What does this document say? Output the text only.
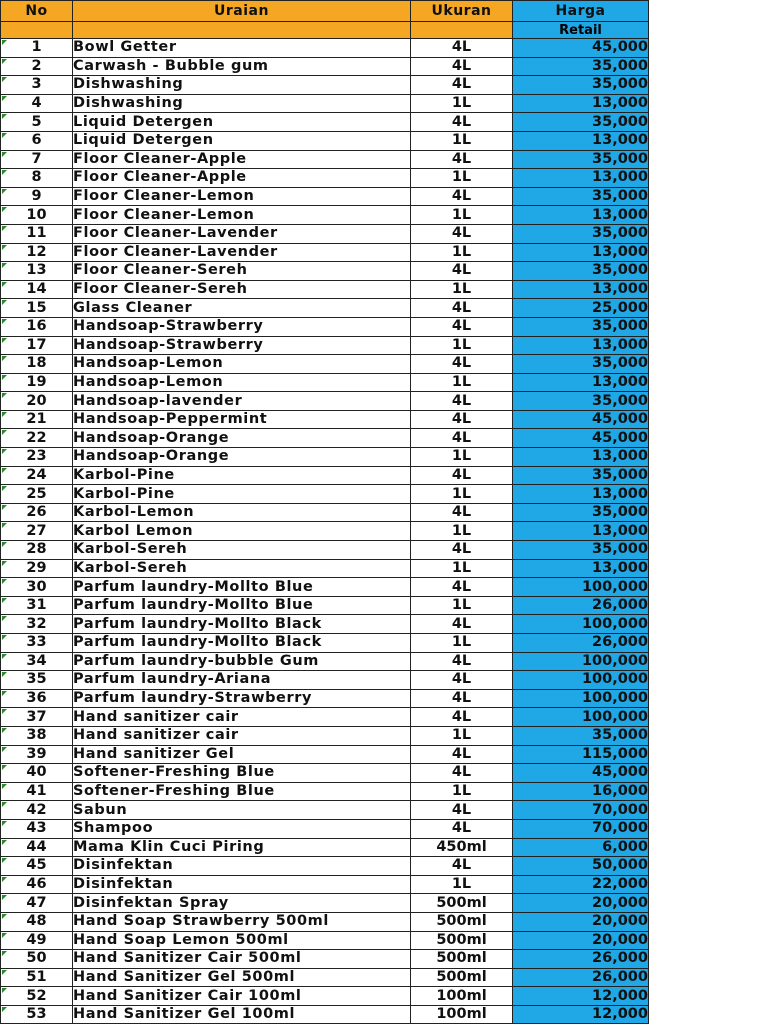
No	Uraian	Ukuran	Harga
			Retail
1	Bowl Getter	4L	45,000
2	Carwash - Bubble gum	4L	35,000
3	Dishwashing	4L	35,000
4	Dishwashing	1L	13,000
5	Liquid Detergen	4L	35,000
6	Liquid Detergen	1L	13,000
7	Floor Cleaner-Apple	4L	35,000
8	Floor Cleaner-Apple	1L	13,000
9	Floor Cleaner-Lemon	4L	35,000
10	Floor Cleaner-Lemon	1L	13,000
11	Floor Cleaner-Lavender	4L	35,000
12	Floor Cleaner-Lavender	1L	13,000
13	Floor Cleaner-Sereh	4L	35,000
14	Floor Cleaner-Sereh	1L	13,000
15	Glass Cleaner	4L	25,000
16	Handsoap-Strawberry	4L	35,000
17	Handsoap-Strawberry	1L	13,000
18	Handsoap-Lemon	4L	35,000
19	Handsoap-Lemon	1L	13,000
20	Handsoap-lavender	4L	35,000
21	Handsoap-Peppermint	4L	45,000
22	Handsoap-Orange	4L	45,000
23	Handsoap-Orange	1L	13,000
24	Karbol-Pine	4L	35,000
25	Karbol-Pine	1L	13,000
26	Karbol-Lemon	4L	35,000
27	Karbol Lemon	1L	13,000
28	Karbol-Sereh	4L	35,000
29	Karbol-Sereh	1L	13,000
30	Parfum laundry-Mollto Blue	4L	100,000
31	Parfum laundry-Mollto Blue	1L	26,000
32	Parfum laundry-Mollto Black	4L	100,000
33	Parfum laundry-Mollto Black	1L	26,000
34	Parfum laundry-bubble Gum	4L	100,000
35	Parfum laundry-Ariana	4L	100,000
36	Parfum laundry-Strawberry	4L	100,000
37	Hand sanitizer cair	4L	100,000
38	Hand sanitizer cair	1L	35,000
39	Hand sanitizer Gel	4L	115,000
40	Softener-Freshing Blue	4L	45,000
41	Softener-Freshing Blue	1L	16,000
42	Sabun	4L	70,000
43	Shampoo	4L	70,000
44	Mama Klin Cuci Piring	450ml	6,000
45	Disinfektan	4L	50,000
46	Disinfektan	1L	22,000
47	Disinfektan Spray	500ml	20,000
48	Hand Soap Strawberry 500ml	500ml	20,000
49	Hand Soap Lemon 500ml	500ml	20,000
50	Hand Sanitizer Cair 500ml	500ml	26,000
51	Hand Sanitizer Gel 500ml	500ml	26,000
52	Hand Sanitizer Cair 100ml	100ml	12,000
53	Hand Sanitizer Gel 100ml	100ml	12,000
